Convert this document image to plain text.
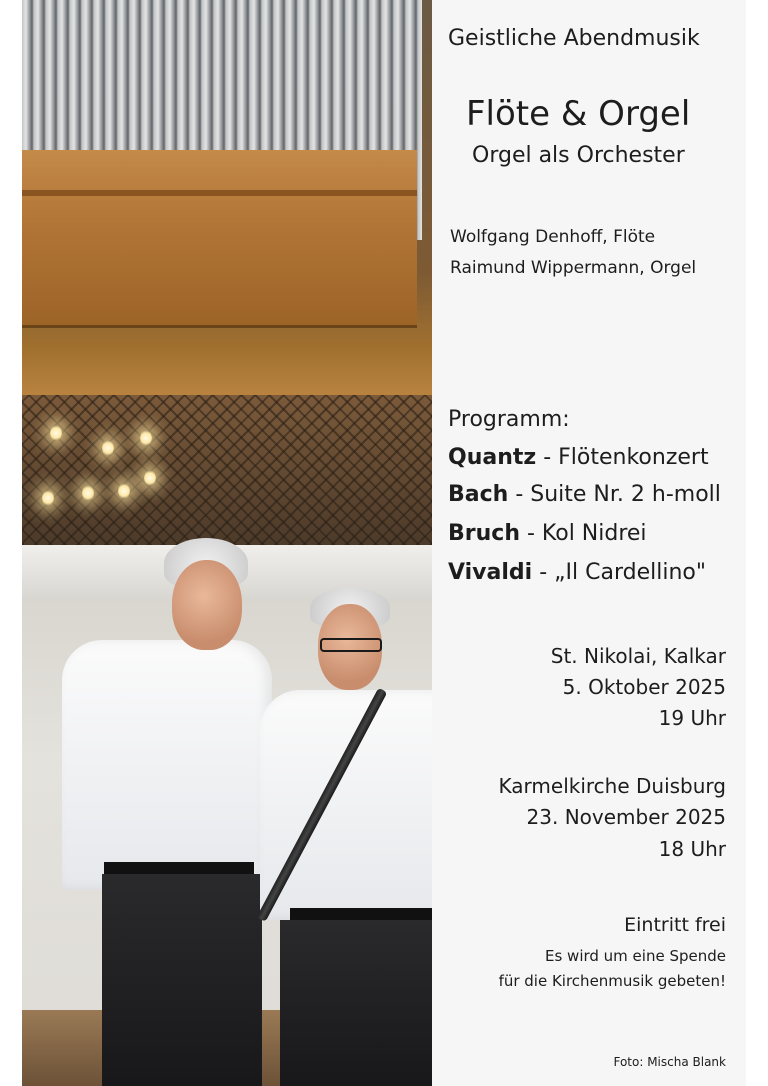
Geistliche Abendmusik
Flöte & Orgel
Orgel als Orchester
Wolfgang Denhoff, Flöte
Raimund Wippermann, Orgel
Programm:
Quantz - Flötenkonzert
Bach - Suite Nr. 2 h-moll
Bruch - Kol Nidrei
Vivaldi - „Il Cardellino"
St. Nikolai, Kalkar
5. Oktober 2025
19 Uhr
Karmelkirche Duisburg
23. November 2025
18 Uhr
Eintritt frei
Es wird um eine Spende
für die Kirchenmusik gebeten!
Foto: Mischa Blank
